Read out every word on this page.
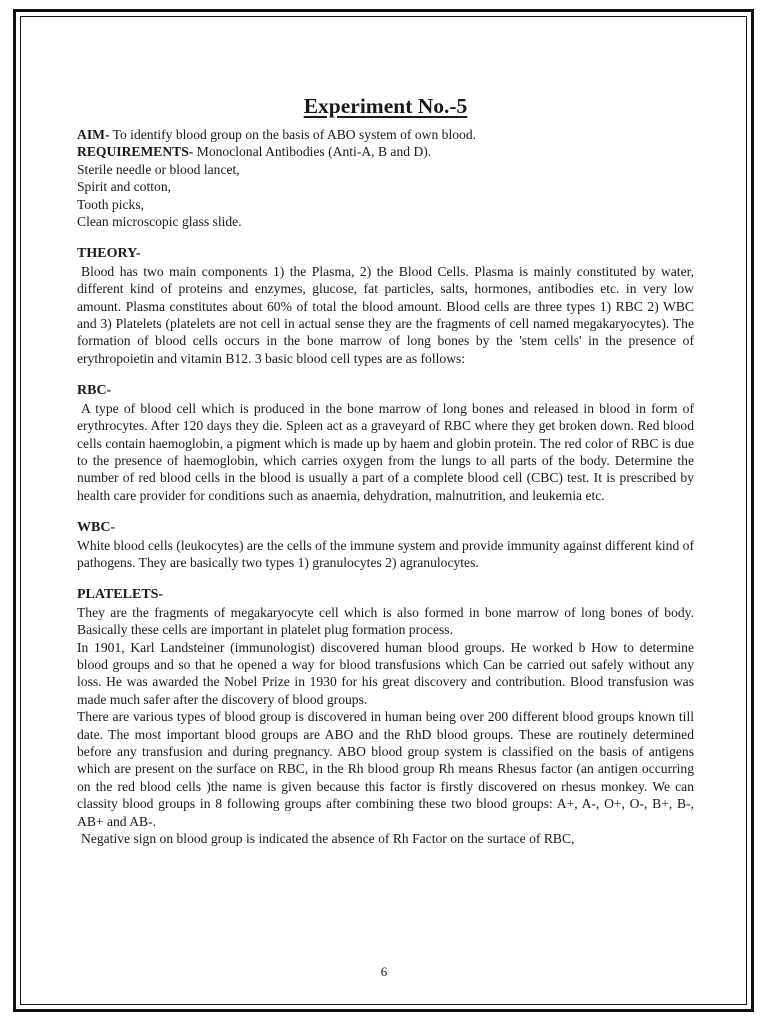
Experiment No.-5
AIM- To identify blood group on the basis of ABO system of own blood.
REQUIREMENTS- Monoclonal Antibodies (Anti-A, B and D).
Sterile needle or blood lancet,
Spirit and cotton,
Tooth picks,
Clean microscopic glass slide.
THEORY-

Blood has two main components 1) the Plasma, 2) the Blood Cells. Plasma is mainly constituted by water, different kind of proteins and enzymes, glucose, fat particles, salts, hormones, antibodies etc. in very low amount. Plasma constitutes about 60% of total the blood amount. Blood cells are three types 1) RBC 2) WBC and 3) Platelets (platelets are not cell in actual sense they are the fragments of cell named megakaryocytes). The formation of blood cells occurs in the bone marrow of long bones by the 'stem cells' in the presence of erythropoietin and vitamin B12. 3 basic blood cell types are as follows:

RBC-

A type of blood cell which is produced in the bone marrow of long bones and released in blood in form of erythrocytes. After 120 days they die. Spleen act as a graveyard of RBC where they get broken down. Red blood cells contain haemoglobin, a pigment which is made up by haem and globin protein. The red color of RBC is due to the presence of haemoglobin, which carries oxygen from the lungs to all parts of the body. Determine the number of red blood cells in the blood is usually a part of a complete blood cell (CBC) test. It is prescribed by health care provider for conditions such as anaemia, dehydration, malnutrition, and leukemia etc.

WBC-

White blood cells (leukocytes) are the cells of the immune system and provide immunity against different kind of pathogens. They are basically two types 1) granulocytes 2) agranulocytes.

PLATELETS-

They are the fragments of megakaryocyte cell which is also formed in bone marrow of long bones of body. Basically these cells are important in platelet plug formation process.

In 1901, Karl Landsteiner (immunologist) discovered human blood groups. He worked b How to determine blood groups and so that he opened a way for blood transfusions which Can be carried out safely without any loss. He was awarded the Nobel Prize in 1930 for his great discovery and contribution. Blood transfusion was made much safer after the discovery of blood groups.

There are various types of blood group is discovered in human being over 200 different blood groups known till date. The most important blood groups are ABO and the RhD blood groups. These are routinely determined before any transfusion and during pregnancy. ABO blood group system is classified on the basis of antigens which are present on the surface on RBC, in the Rh blood group Rh means Rhesus factor (an antigen occurring on the red blood cells )the name is given because this factor is firstly discovered on rhesus monkey. We can classity blood groups in 8 following groups after combining these two blood groups: A+, A-, O+, O-, B+, B-, AB+ and AB-.

Negative sign on blood group is indicated the absence of Rh Factor on the surtace of RBC,

6
